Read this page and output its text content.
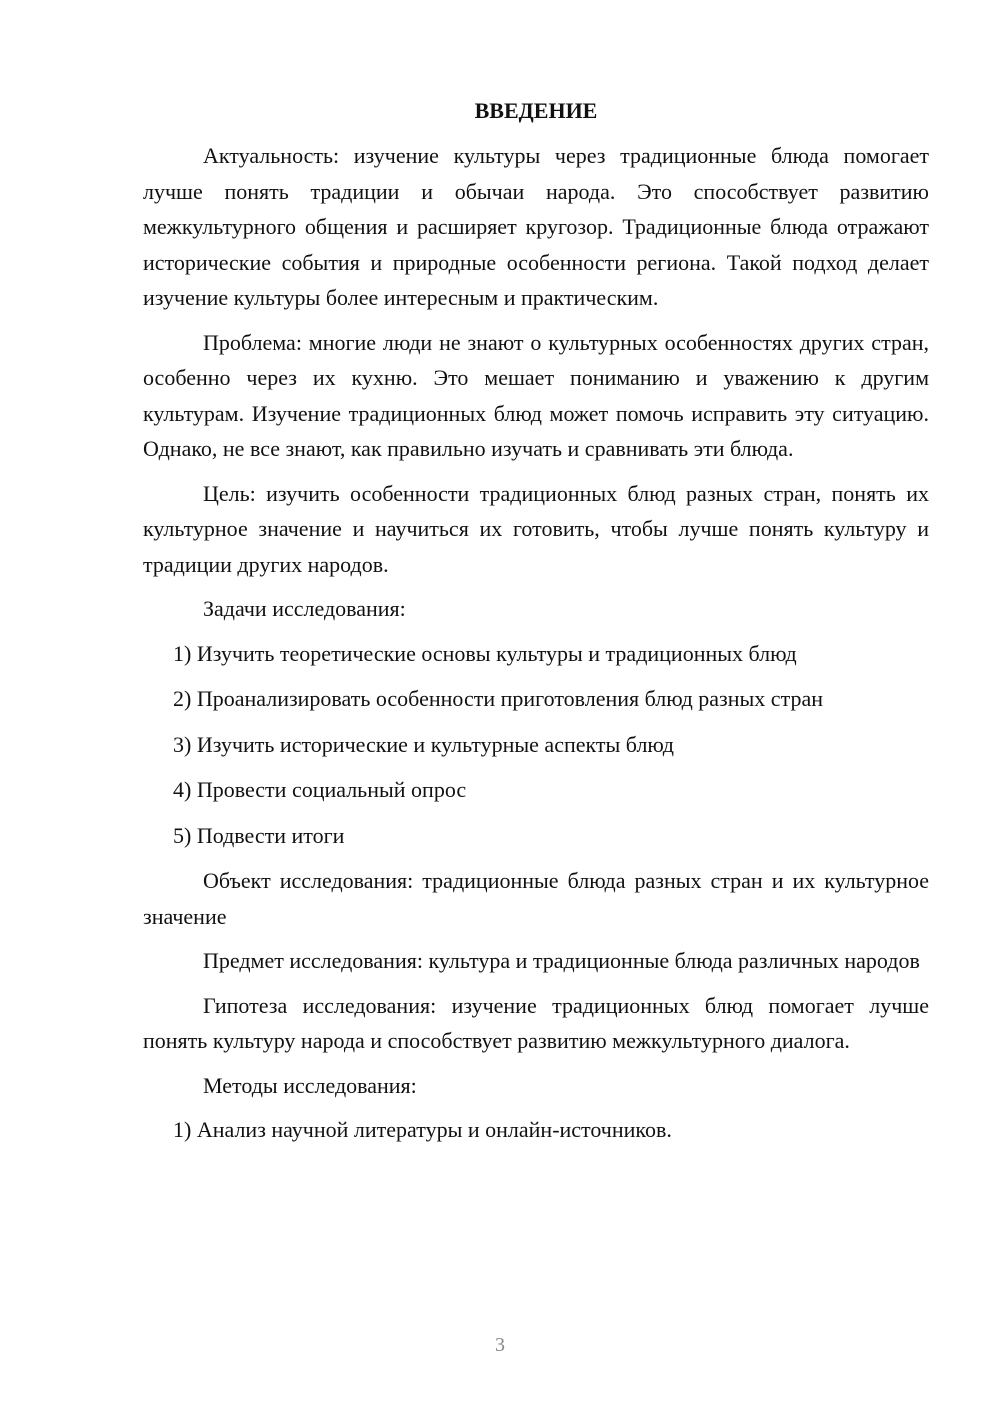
ВВЕДЕНИЕ

Актуальность: изучение культуры через традиционные блюда помогает лучше понять традиции и обычаи народа. Это способствует развитию межкультурного общения и расширяет кругозор. Традиционные блюда отражают исторические события и природные особенности региона. Такой подход делает изучение культуры более интересным и практическим.

Проблема: многие люди не знают о культурных особенностях других стран, особенно через их кухню. Это мешает пониманию и уважению к другим культурам. Изучение традиционных блюд может помочь исправить эту ситуацию. Однако, не все знают, как правильно изучать и сравнивать эти блюда.

Цель: изучить особенности традиционных блюд разных стран, понять их культурное значение и научиться их готовить, чтобы лучше понять культуру и традиции других народов.

Задачи исследования:

1) Изучить теоретические основы культуры и традиционных блюд
2) Проанализировать особенности приготовления блюд разных стран
3) Изучить исторические и культурные аспекты блюд
4) Провести социальный опрос
5) Подвести итоги

Объект исследования: традиционные блюда разных стран и их культурное значение

Предмет исследования: культура и традиционные блюда различных народов

Гипотеза исследования: изучение традиционных блюд помогает лучше понять культуру народа и способствует развитию межкультурного диалога.

Методы исследования:

1) Анализ научной литературы и онлайн-источников.
3
